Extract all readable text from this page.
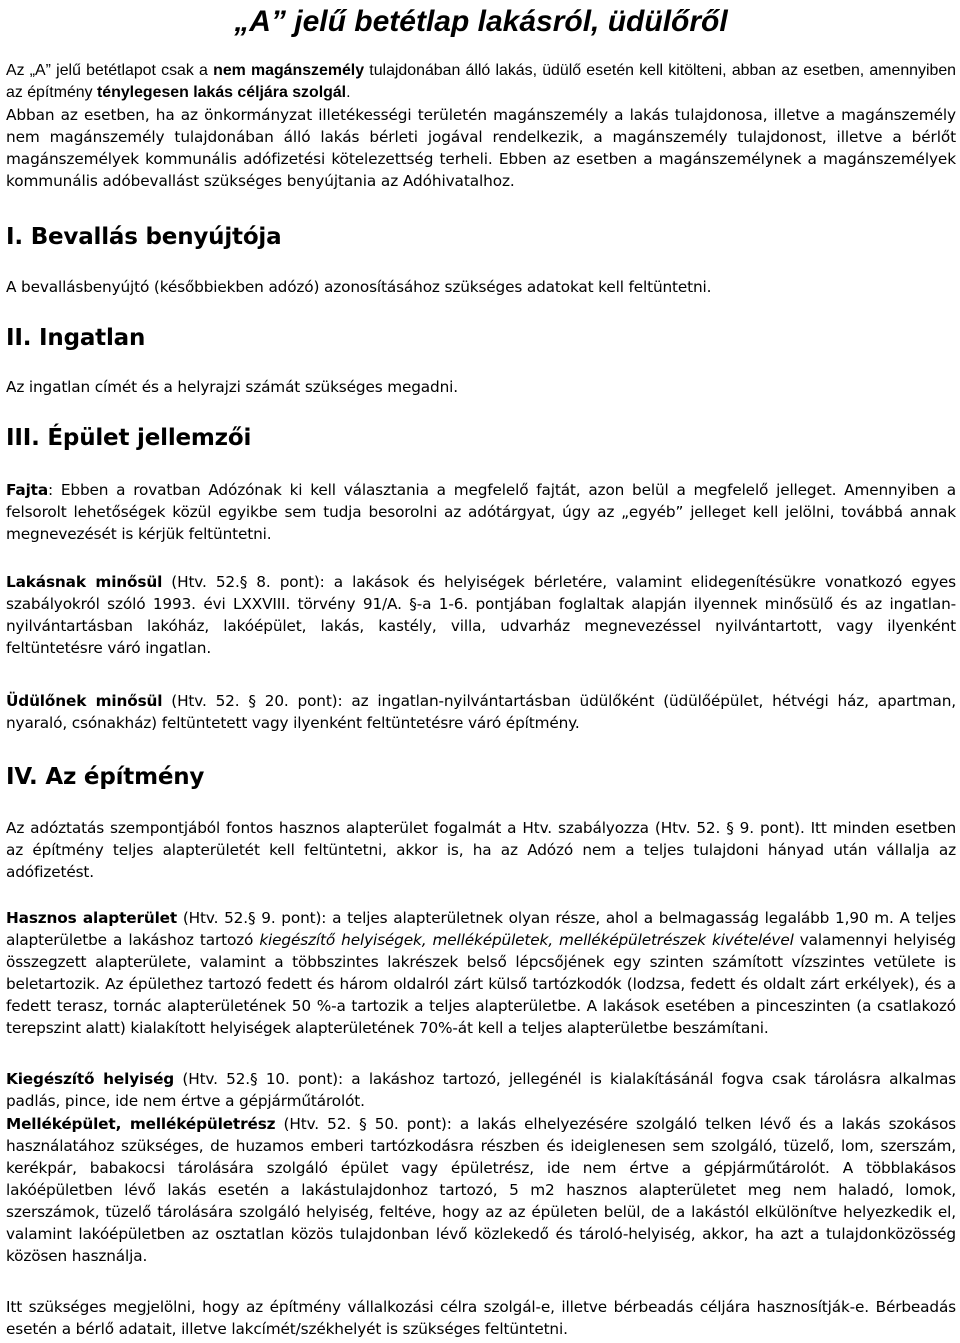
„A” jelű betétlap lakásról, üdülőről

Az „A” jelű betétlapot csak a nem magánszemély tulajdonában álló lakás, üdülő esetén kell kitölteni, abban az esetben, amennyiben az építmény ténylegesen lakás céljára szolgál.

Abban az esetben, ha az önkormányzat illetékességi területén magánszemély a lakás tulajdonosa, illetve a magánszemély nem magánszemély tulajdonában álló lakás bérleti jogával rendelkezik, a magánszemély tulajdonost, illetve a bérlőt magánszemélyek kommunális adófizetési kötelezettség terheli. Ebben az esetben a magánszemélynek a magánszemélyek kommunális adóbevallást szükséges benyújtania az Adóhivatalhoz.

I. Bevallás benyújtója

A bevallásbenyújtó (későbbiekben adózó) azonosításához szükséges adatokat kell feltüntetni.

II. Ingatlan

Az ingatlan címét és a helyrajzi számát szükséges megadni.

III. Épület jellemzői

Fajta: Ebben a rovatban Adózónak ki kell választania a megfelelő fajtát, azon belül a megfelelő jelleget. Amennyiben a felsorolt lehetőségek közül egyikbe sem tudja besorolni az adótárgyat, úgy az „egyéb” jelleget kell jelölni, továbbá annak megnevezését is kérjük feltüntetni.

Lakásnak minősül (Htv. 52.§ 8. pont): a lakások és helyiségek bérletére, valamint elidegenítésükre vonatkozó egyes szabályokról szóló 1993. évi LXXVIII. törvény 91/A. §-a 1-6. pontjában foglaltak alapján ilyennek minősülő és az ingatlan-nyilvántartásban lakóház, lakóépület, lakás, kastély, villa, udvarház megnevezéssel nyilvántartott, vagy ilyenként feltüntetésre váró ingatlan.

Üdülőnek minősül (Htv. 52. § 20. pont): az ingatlan-nyilvántartásban üdülőként (üdülőépület, hétvégi ház, apartman, nyaraló, csónakház) feltüntetett vagy ilyenként feltüntetésre váró építmény.

IV. Az építmény

Az adóztatás szempontjából fontos hasznos alapterület fogalmát a Htv. szabályozza (Htv. 52. § 9. pont). Itt minden esetben az építmény teljes alapterületét kell feltüntetni, akkor is, ha az Adózó nem a teljes tulajdoni hányad után vállalja az adófizetést.

Hasznos alapterület (Htv. 52.§ 9. pont): a teljes alapterületnek olyan része, ahol a belmagasság legalább 1,90 m. A teljes alapterületbe a lakáshoz tartozó kiegészítő helyiségek, melléképületek, melléképületrészek kivételével valamennyi helyiség összegzett alapterülete, valamint a többszintes lakrészek belső lépcsőjének egy szinten számított vízszintes vetülete is beletartozik. Az épülethez tartozó fedett és három oldalról zárt külső tartózkodók (lodzsa, fedett és oldalt zárt erkélyek), és a fedett terasz, tornác alapterületének 50 %-a tartozik a teljes alapterületbe. A lakások esetében a pinceszinten (a csatlakozó terepszint alatt) kialakított helyiségek alapterületének 70%-át kell a teljes alapterületbe beszámítani.

Kiegészítő helyiség (Htv. 52.§ 10. pont): a lakáshoz tartozó, jellegénél is kialakításánál fogva csak tárolásra alkalmas padlás, pince, ide nem értve a gépjárműtárolót.

Melléképület, melléképületrész (Htv. 52. § 50. pont): a lakás elhelyezésére szolgáló telken lévő és a lakás szokásos használatához szükséges, de huzamos emberi tartózkodásra részben és ideiglenesen sem szolgáló, tüzelő, lom, szerszám, kerékpár, babakocsi tárolására szolgáló épület vagy épületrész, ide nem értve a gépjárműtárolót. A többlakásos lakóépületben lévő lakás esetén a lakástulajdonhoz tartozó, 5 m2 hasznos alapterületet meg nem haladó, lomok, szerszámok, tüzelő tárolására szolgáló helyiség, feltéve, hogy az az épületen belül, de a lakástól elkülönítve helyezkedik el, valamint lakóépületben az osztatlan közös tulajdonban lévő közlekedő és tároló-helyiség, akkor, ha azt a tulajdonközösség közösen használja.

Itt szükséges megjelölni, hogy az építmény vállalkozási célra szolgál-e, illetve bérbeadás céljára hasznosítják-e. Bérbeadás esetén a bérlő adatait, illetve lakcímét/székhelyét is szükséges feltüntetni.
